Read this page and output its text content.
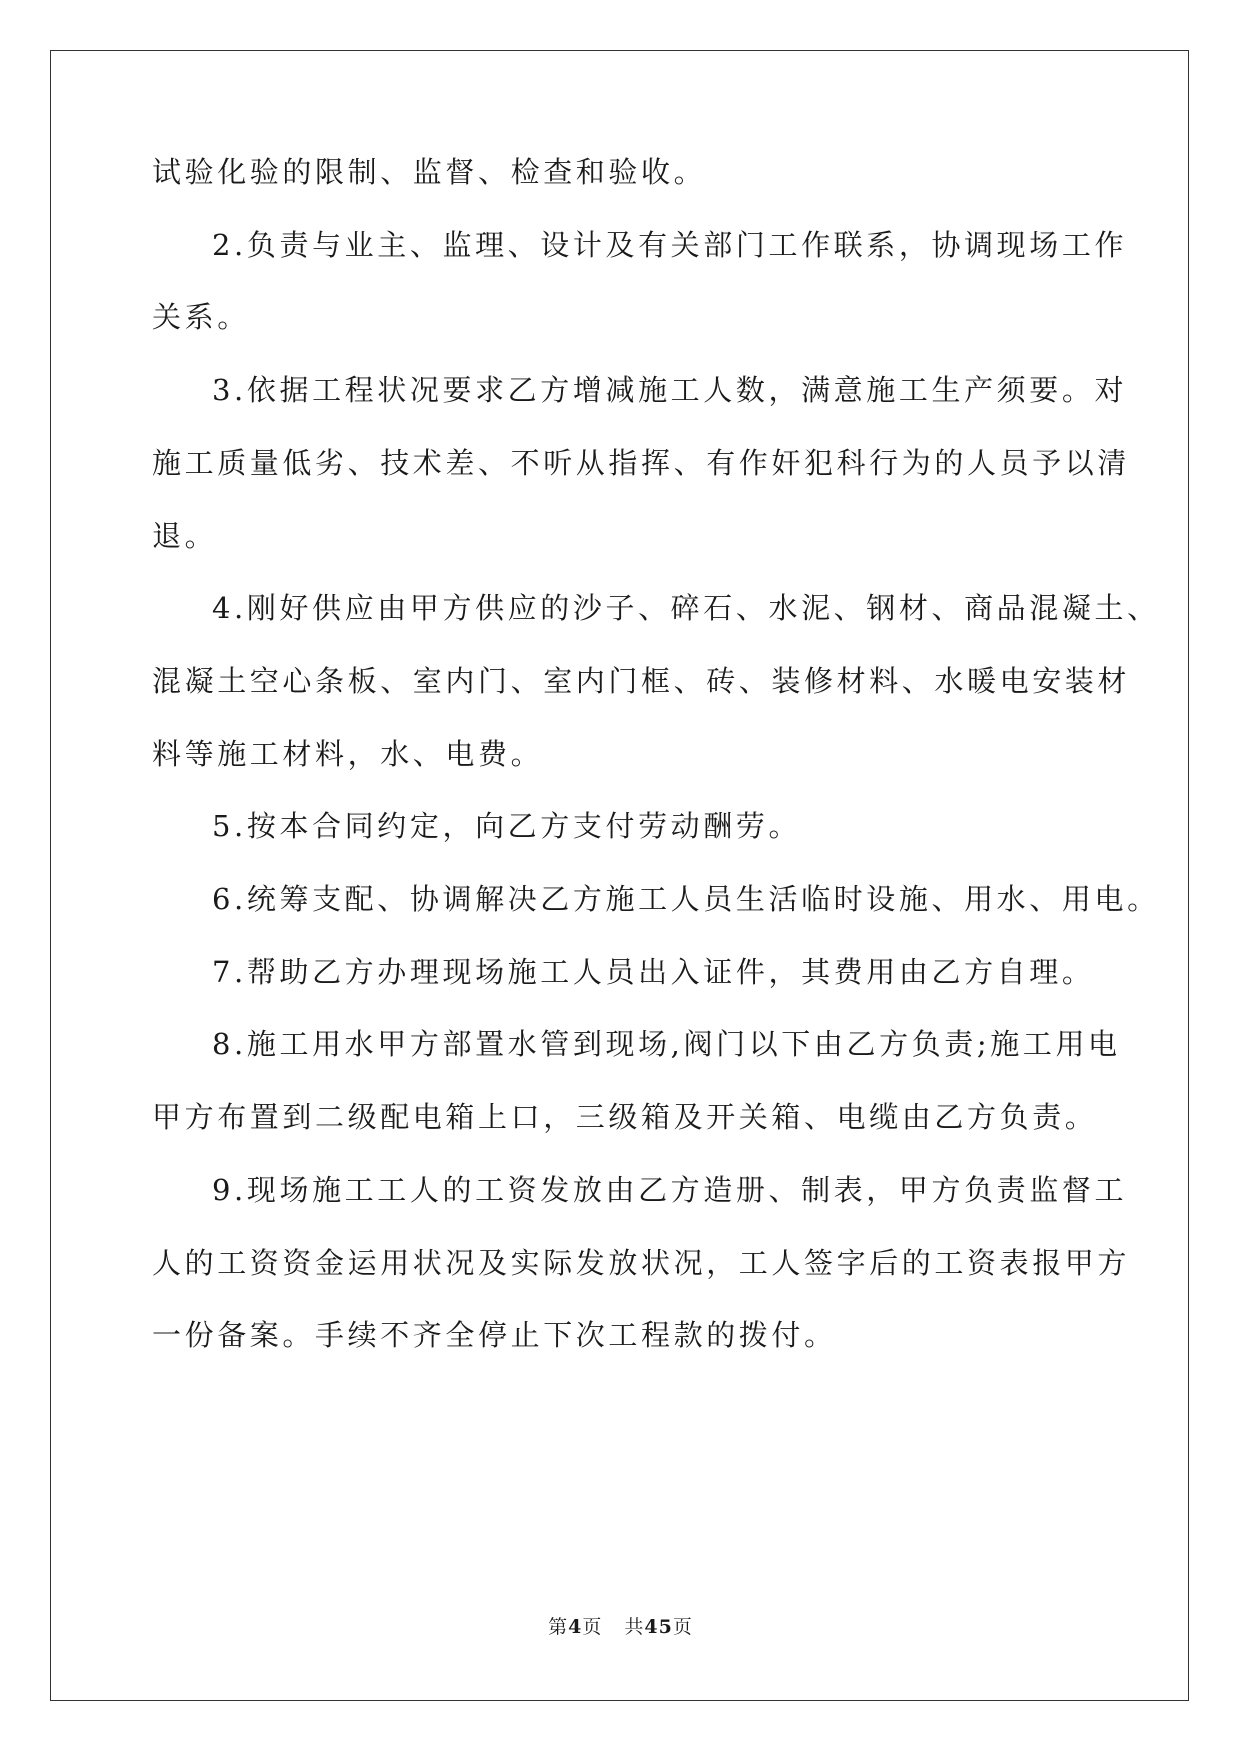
试验化验的限制、监督、检查和验收。
2.负责与业主、监理、设计及有关部门工作联系，协调现场工作
关系。
3.依据工程状况要求乙方增减施工人数，满意施工生产须要。对
施工质量低劣、技术差、不听从指挥、有作奸犯科行为的人员予以清
退。
4.刚好供应由甲方供应的沙子、碎石、水泥、钢材、商品混凝土、
混凝土空心条板、室内门、室内门框、砖、装修材料、水暖电安装材
料等施工材料，水、电费。
5.按本合同约定，向乙方支付劳动酬劳。
6.统筹支配、协调解决乙方施工人员生活临时设施、用水、用电。
7.帮助乙方办理现场施工人员出入证件，其费用由乙方自理。
8.施工用水甲方部置水管到现场,阀门以下由乙方负责;施工用电
甲方布置到二级配电箱上口，三级箱及开关箱、电缆由乙方负责。
9.现场施工工人的工资发放由乙方造册、制表，甲方负责监督工
人的工资资金运用状况及实际发放状况，工人签字后的工资表报甲方
一份备案。手续不齐全停止下次工程款的拨付。
第4页 共45页
